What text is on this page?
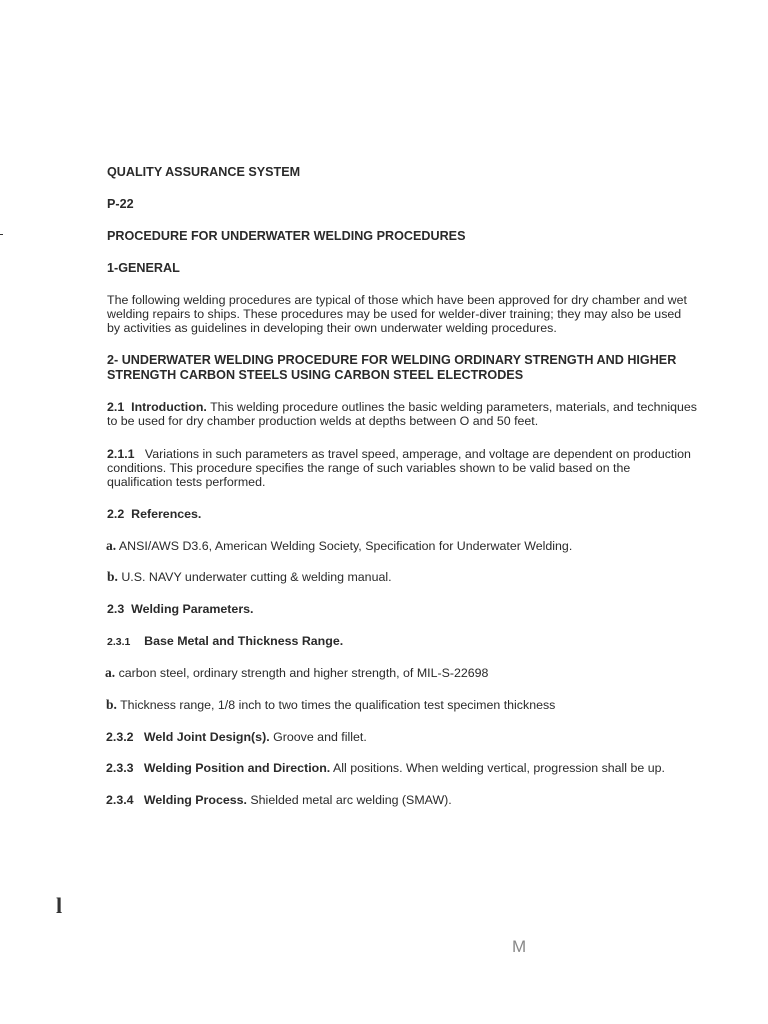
QUALITY ASSURANCE SYSTEM

P-22

PROCEDURE FOR UNDERWATER WELDING PROCEDURES

1-GENERAL

The following welding procedures are typical of those which have been approved for dry chamber and wet welding repairs to ships. These procedures may be used for welder-diver training; they may also be used by activities as guidelines in developing their own underwater welding procedures.

2- UNDERWATER WELDING PROCEDURE FOR WELDING ORDINARY STRENGTH AND HIGHER STRENGTH CARBON STEELS USING CARBON STEEL ELECTRODES

2.1 Introduction. This welding procedure outlines the basic welding parameters, materials, and techniques to be used for dry chamber production welds at depths between O and 50 feet.

2.1.1 Variations in such parameters as travel speed, amperage, and voltage are dependent on production conditions. This procedure specifies the range of such variables shown to be valid based on the qualification tests performed.

2.2 References.

a. ANSI/AWS D3.6, American Welding Society, Specification for Underwater Welding.

b. U.S. NAVY underwater cutting & welding manual.

2.3 Welding Parameters.

2.3.1 Base Metal and Thickness Range.

a. carbon steel, ordinary strength and higher strength, of MIL-S-22698

b. Thickness range, 1/8 inch to two times the qualification test specimen thickness

2.3.2 Weld Joint Design(s). Groove and fillet.

2.3.3 Welding Position and Direction. All positions. When welding vertical, progression shall be up.

2.3.4 Welding Process. Shielded metal arc welding (SMAW).

l
M
